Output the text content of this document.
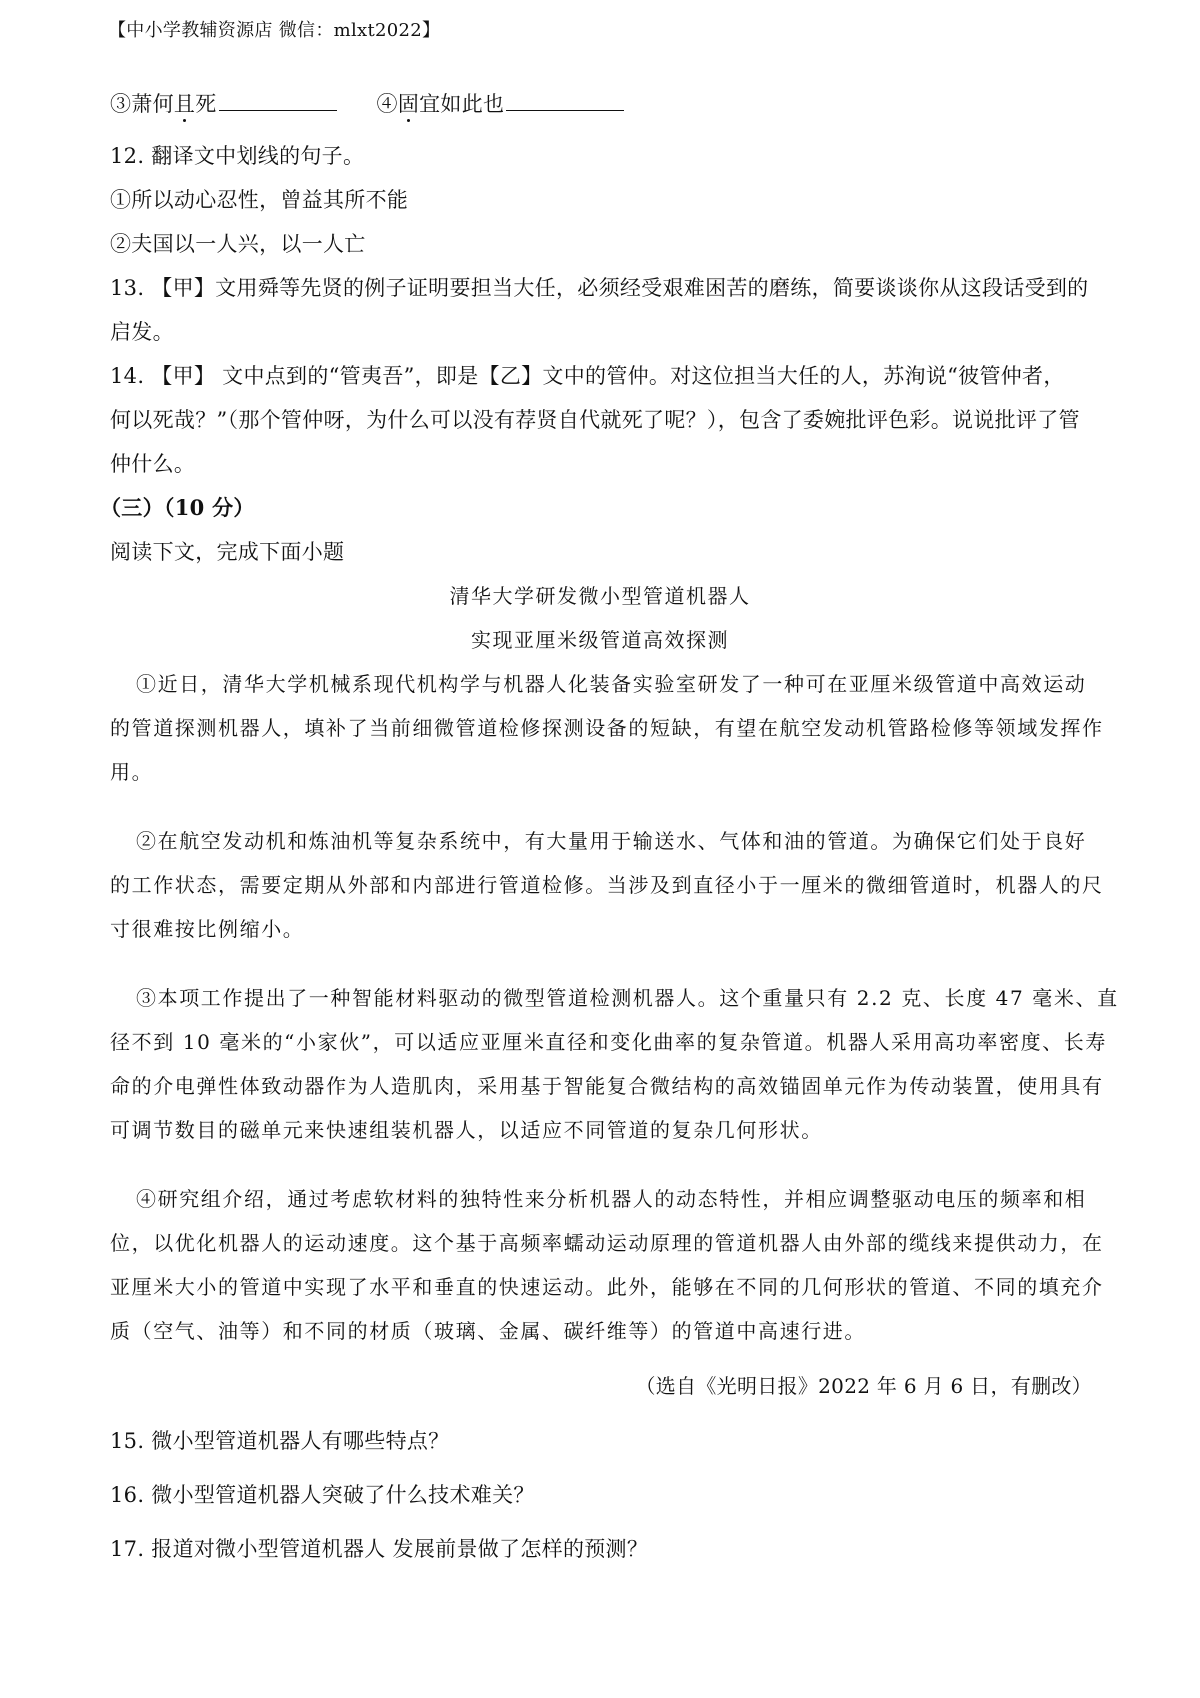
【中小学教辅资源店 微信：mlxt2022】
③萧何且死	④固宜如此也
12. 翻译文中划线的句子。
①所以动心忍性，曾益其所不能
②夫国以一人兴，以一人亡
13. 【甲】文用舜等先贤的例子证明要担当大任，必须经受艰难困苦的磨练，简要谈谈你从这段话受到的
启发。
14. 【甲】 文中点到的“管夷吾”，即是【乙】文中的管仲。对这位担当大任的人，苏洵说“彼管仲者，
何以死哉？”（那个管仲呀，为什么可以没有荐贤自代就死了呢？），包含了委婉批评色彩。说说批评了管
仲什么。
（三）（10 分）
阅读下文，完成下面小题
清华大学研发微小型管道机器人
实现亚厘米级管道高效探测
①近日，清华大学机械系现代机构学与机器人化装备实验室研发了一种可在亚厘米级管道中高效运动
的管道探测机器人，填补了当前细微管道检修探测设备的短缺，有望在航空发动机管路检修等领域发挥作
用。
②在航空发动机和炼油机等复杂系统中，有大量用于输送水、气体和油的管道。为确保它们处于良好
的工作状态，需要定期从外部和内部进行管道检修。当涉及到直径小于一厘米的微细管道时，机器人的尺
寸很难按比例缩小。
③本项工作提出了一种智能材料驱动的微型管道检测机器人。这个重量只有 2.2 克、长度 47 毫米、直
径不到 10 毫米的“小家伙”，可以适应亚厘米直径和变化曲率的复杂管道。机器人采用高功率密度、长寿
命的介电弹性体致动器作为人造肌肉，采用基于智能复合微结构的高效锚固单元作为传动装置，使用具有
可调节数目的磁单元来快速组装机器人，以适应不同管道的复杂几何形状。
④研究组介绍，通过考虑软材料的独特性来分析机器人的动态特性，并相应调整驱动电压的频率和相
位，以优化机器人的运动速度。这个基于高频率蠕动运动原理的管道机器人由外部的缆线来提供动力，在
亚厘米大小的管道中实现了水平和垂直的快速运动。此外，能够在不同的几何形状的管道、不同的填充介
质（空气、油等）和不同的材质（玻璃、金属、碳纤维等）的管道中高速行进。
（选自《光明日报》2022 年 6 月 6 日，有删改）
15. 微小型管道机器人有哪些特点？
16. 微小型管道机器人突破了什么技术难关？
17. 报道对微小型管道机器人 发展前景做了怎样的预测？
